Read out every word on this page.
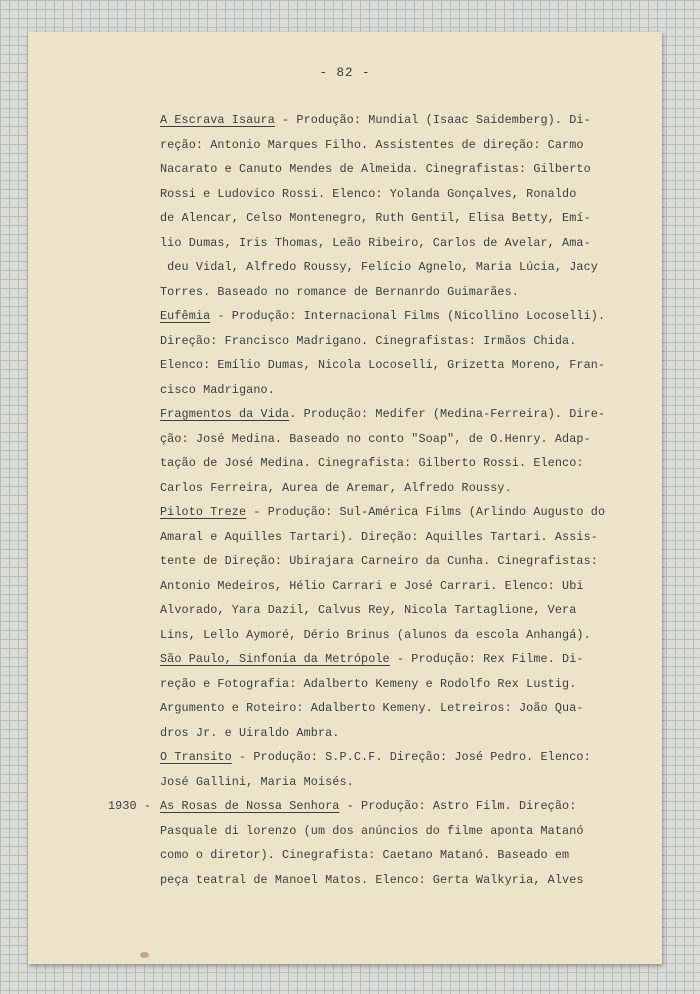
- 82 -
A Escrava Isaura - Produção: Mundial (Isaac Saidemberg). Di-
reção: Antonio Marques Filho. Assistentes de direção: Carmo
Nacarato e Canuto Mendes de Almeida. Cinegrafistas: Gilberto
Rossi e Ludovico Rossi. Elenco: Yolanda Gonçalves, Ronaldo
de Alencar, Celso Montenegro, Ruth Gentil, Elisa Betty, Emí-
lio Dumas, Iris Thomas, Leão Ribeiro, Carlos de Avelar, Ama-
deu Vidal, Alfredo Roussy, Felício Agnelo, Maria Lúcia, Jacy
Torres. Baseado no romance de Bernanrdo Guimarães.
Eufêmia - Produção: Internacional Films (Nicollino Locoselli).
Direção: Francisco Madrigano. Cinegrafistas: Irmãos Chida.
Elenco: Emílio Dumas, Nicola Locoselli, Grizetta Moreno, Fran-
cisco Madrigano.
Fragmentos da Vida. Produção: Medifer (Medina-Ferreira). Dire-
ção: José Medina. Baseado no conto "Soap", de O.Henry. Adap-
tação de José Medina. Cinegrafista: Gilberto Rossi. Elenco:
Carlos Ferreira, Aurea de Aremar, Alfredo Roussy.
Piloto Treze - Produção: Sul-América Films (Arlindo Augusto do
Amaral e Aquilles Tartari). Direção: Aquilles Tartari. Assis-
tente de Direção: Ubirajara Carneiro da Cunha. Cinegrafistas:
Antonio Medeiros, Hélio Carrari e José Carrari. Elenco: Ubi
Alvorado, Yara Dazil, Calvus Rey, Nicola Tartaglione, Vera
Lins, Lello Aymoré, Dério Brinus (alunos da escola Anhangá).
São Paulo, Sinfonia da Metrópole - Produção: Rex Filme. Di-
reção e Fotografia: Adalberto Kemeny e Rodolfo Rex Lustig.
Argumento e Roteiro: Adalberto Kemeny. Letreiros: João Qua-
dros Jr. e Uiraldo Ambra.
O Transito - Produção: S.P.C.F. Direção: José Pedro. Elenco:
José Gallini, Maria Moisés.
1930 - As Rosas de Nossa Senhora - Produção: Astro Film. Direção:
Pasquale di lorenzo (um dos anúncios do filme aponta Matanó
como o diretor). Cinegrafista: Caetano Matanó. Baseado em
peça teatral de Manoel Matos. Elenco: Gerta Walkyria, Alves
